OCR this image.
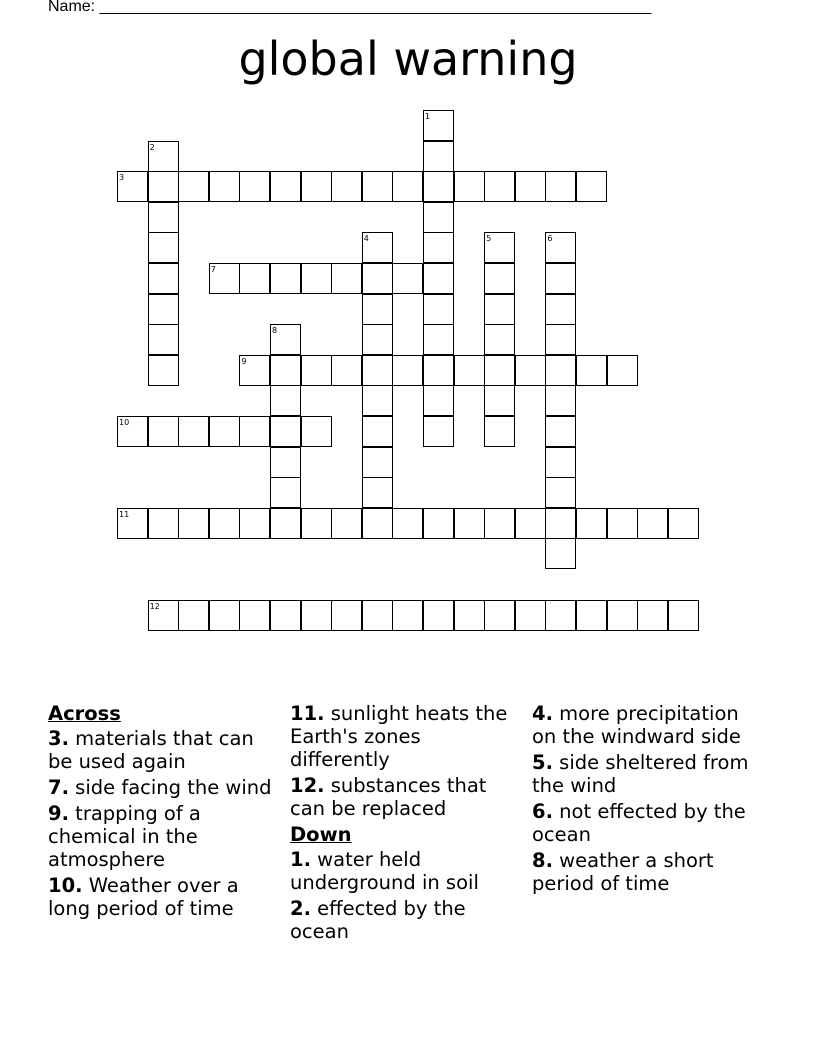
Name: ______________________________________________________________
global warning
1
2
3
4	5	6
7
8
9
10
11
12
Across
3. materials that can be used again
7. side facing the wind
9. trapping of a chemical in the atmosphere
10. Weather over a long period of time
11. sunlight heats the Earth's zones differently
12. substances that can be replaced
Down
1. water held underground in soil
2. effected by the ocean
4. more precipitation on the windward side
5. side sheltered from the wind
6. not effected by the ocean
8. weather a short period of time
